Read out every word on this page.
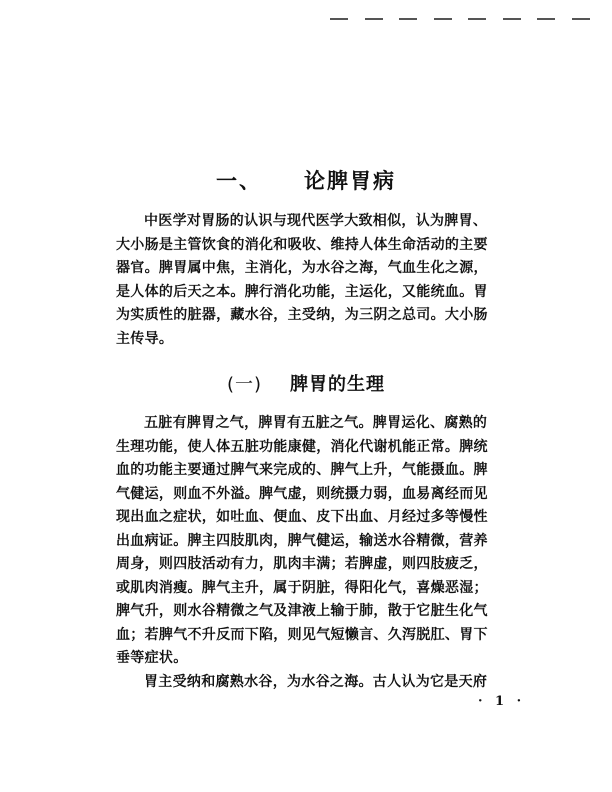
一、 论脾胃病
中医学对胃肠的认识与现代医学大致相似，认为脾胃、
大小肠是主管饮食的消化和吸收、维持人体生命活动的主要
器官。脾胃属中焦，主消化，为水谷之海，气血生化之源，
是人体的后天之本。脾行消化功能，主运化，又能统血。胃
为实质性的脏器，藏水谷，主受纳，为三阴之总司。大小肠
主传导。
(一) 脾胃的生理
五脏有脾胃之气，脾胃有五脏之气。脾胃运化、腐熟的
生理功能，使人体五脏功能康健，消化代谢机能正常。脾统
血的功能主要通过脾气来完成的、脾气上升，气能摄血。脾
气健运，则血不外溢。脾气虚，则统摄力弱，血易离经而见
现出血之症状，如吐血、便血、皮下出血、月经过多等慢性
出血病证。脾主四肢肌肉，脾气健运，输送水谷精微，营养
周身，则四肢活动有力，肌肉丰满；若脾虚，则四肢疲乏，
或肌肉消瘦。脾气主升，属于阴脏，得阳化气，喜燥恶湿；
脾气升，则水谷精微之气及津液上输于肺，散于它脏生化气
血；若脾气不升反而下陷，则见气短懒言、久泻脱肛、胃下
垂等症状。
胃主受纳和腐熟水谷，为水谷之海。古人认为它是天府
· 1 ·
